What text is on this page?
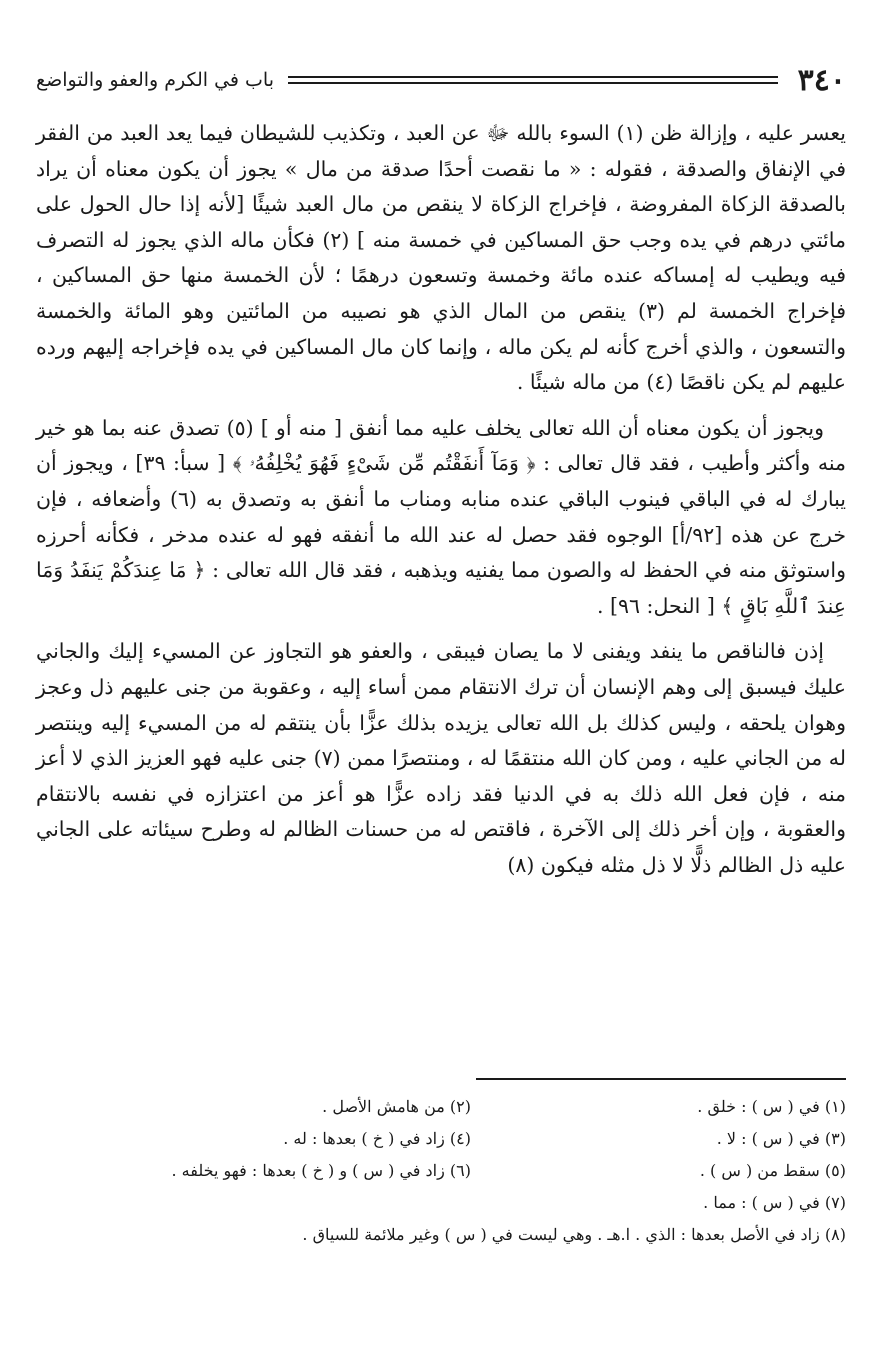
٣٤٠
باب في الكرم والعفو والتواضع

يعسر عليه ، وإزالة ظن (١) السوء بالله ﷻ عن العبد ، وتكذيب للشيطان فيما يعد العبد من الفقر في الإنفاق والصدقة ، فقوله : « ما نقصت أحدًا صدقة من مال » يجوز أن يكون معناه أن يراد بالصدقة الزكاة المفروضة ، فإخراج الزكاة لا ينقص من مال العبد شيئًا [لأنه إذا حال الحول على مائتي درهم في يده وجب حق المساكين في خمسة منه ] (٢) فكأن ماله الذي يجوز له التصرف فيه ويطيب له إمساكه عنده مائة وخمسة وتسعون درهمًا ؛ لأن الخمسة منها حق المساكين ، فإخراج الخمسة لم (٣) ينقص من المال الذي هو نصيبه من المائتين وهو المائة والخمسة والتسعون ، والذي أخرج كأنه لم يكن ماله ، وإنما كان مال المساكين في يده فإخراجه إليهم ورده عليهم لم يكن ناقصًا (٤) من ماله شيئًا .

ويجوز أن يكون معناه أن الله تعالى يخلف عليه مما أنفق [ منه أو ] (٥) تصدق عنه بما هو خير منه وأكثر وأطيب ، فقد قال تعالى : ﴿ وَمَآ أَنفَقْتُم مِّن شَىْءٍ فَهُوَ يُخْلِفُهُۥ ﴾ [ سبأ: ٣٩] ، ويجوز أن يبارك له في الباقي فينوب الباقي عنده منابه ومناب ما أنفق به وتصدق به (٦) وأضعافه ، فإن خرج عن هذه [٩٢/أ] الوجوه فقد حصل له عند الله ما أنفقه فهو له عنده مدخر ، فكأنه أحرزه واستوثق منه في الحفظ له والصون مما يفنيه ويذهبه ، فقد قال الله تعالى : ﴿ مَا عِندَكُمْ يَنفَدُ وَمَا عِندَ ٱللَّهِ بَاقٍ ﴾ [ النحل: ٩٦] .

إذن فالناقص ما ينفد ويفنى لا ما يصان فيبقى ، والعفو هو التجاوز عن المسيء إليك والجاني عليك فيسبق إلى وهم الإنسان أن ترك الانتقام ممن أساء إليه ، وعقوبة من جنى عليهم ذل وعجز وهوان يلحقه ، وليس كذلك بل الله تعالى يزيده بذلك عزًّا بأن ينتقم له من المسيء إليه وينتصر له من الجاني عليه ، ومن كان الله منتقمًا له ، ومنتصرًا ممن (٧) جنى عليه فهو العزيز الذي لا أعز منه ، فإن فعل الله ذلك به في الدنيا فقد زاده عزًّا هو أعز من اعتزازه في نفسه بالانتقام والعقوبة ، وإن أخر ذلك إلى الآخرة ، فاقتص له من حسنات الظالم له وطرح سيئاته على الجاني عليه ذل الظالم ذلًّا لا ذل مثله فيكون (٨)

(١) في ( س ) : خلق .
(٢) من هامش الأصل .
(٣) في ( س ) : لا .
(٤) زاد في ( خ ) بعدها : له .
(٥) سقط من ( س ) .
(٦) زاد في ( س ) و ( خ ) بعدها : فهو يخلفه .
(٧) في ( س ) : مما .
(٨) زاد في الأصل بعدها : الذي . ا.هـ . وهي ليست في ( س ) وغير ملائمة للسياق .
